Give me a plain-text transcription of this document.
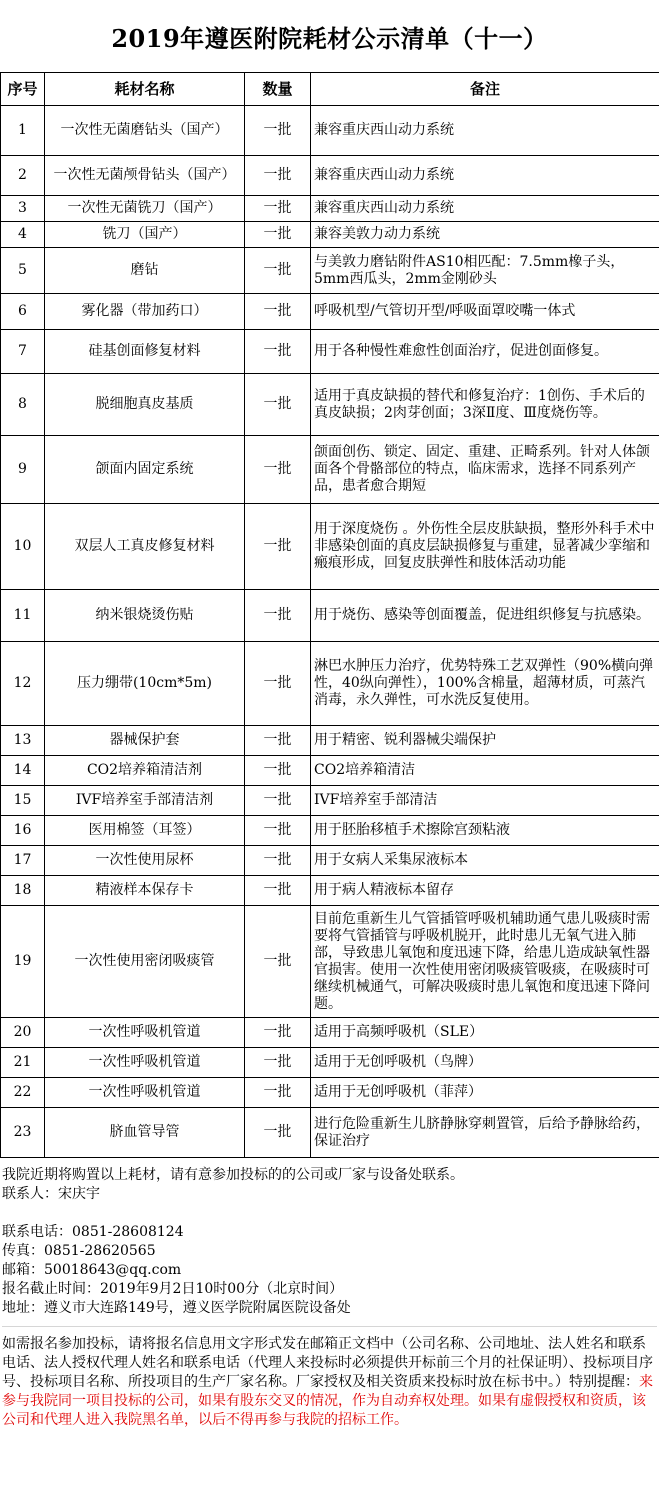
2019年遵医附院耗材公示清单（十一）
序号	耗材名称	数量	备注
1	一次性无菌磨钻头（国产）	一批	兼容重庆西山动力系统
2	一次性无菌颅骨钻头（国产）	一批	兼容重庆西山动力系统
3	一次性无菌铣刀（国产）	一批	兼容重庆西山动力系统
4	铣刀（国产）	一批	兼容美敦力动力系统
5	磨钻	一批	与美敦力磨钻附件AS10相匹配：7.5mm橡子头，5mm西瓜头，2mm金刚砂头
6	雾化器（带加药口）	一批	呼吸机型/气管切开型/呼吸面罩咬嘴一体式
7	硅基创面修复材料	一批	用于各种慢性难愈性创面治疗，促进创面修复。
8	脱细胞真皮基质	一批	适用于真皮缺损的替代和修复治疗：1创伤、手术后的真皮缺损；2肉芽创面；3深Ⅱ度、Ⅲ度烧伤等。
9	颌面内固定系统	一批	颌面创伤、锁定、固定、重建、正畸系列。针对人体颌面各个骨骼部位的特点，临床需求，选择不同系列产品，患者愈合期短
10	双层人工真皮修复材料	一批	用于深度烧伤 。外伤性全层皮肤缺损，整形外科手术中非感染创面的真皮层缺损修复与重建，显著减少挛缩和瘢痕形成，回复皮肤弹性和肢体活动功能
11	纳米银烧烫伤贴	一批	用于烧伤、感染等创面覆盖，促进组织修复与抗感染。
12	压力绷带(10cm*5m)	一批	淋巴水肿压力治疗，优势特殊工艺双弹性（90%横向弹性，40纵向弹性），100%含棉量，超薄材质，可蒸汽消毒，永久弹性，可水洗反复使用。
13	器械保护套	一批	用于精密、锐利器械尖端保护
14	CO2培养箱清洁剂	一批	CO2培养箱清洁
15	IVF培养室手部清洁剂	一批	IVF培养室手部清洁
16	医用棉签（耳签）	一批	用于胚胎移植手术擦除宫颈粘液
17	一次性使用尿杯	一批	用于女病人采集尿液标本
18	精液样本保存卡	一批	用于病人精液标本留存
19	一次性使用密闭吸痰管	一批	目前危重新生儿气管插管呼吸机辅助通气患儿吸痰时需要将气管插管与呼吸机脱开，此时患儿无氧气进入肺部，导致患儿氧饱和度迅速下降，给患儿造成缺氧性器官损害。使用一次性使用密闭吸痰管吸痰，在吸痰时可继续机械通气，可解决吸痰时患儿氧饱和度迅速下降问题。
20	一次性呼吸机管道	一批	适用于高频呼吸机（SLE）
21	一次性呼吸机管道	一批	适用于无创呼吸机（鸟牌）
22	一次性呼吸机管道	一批	适用于无创呼吸机（菲萍）
23	脐血管导管	一批	进行危险重新生儿脐静脉穿刺置管，后给予静脉给药，保证治疗

我院近期将购置以上耗材，请有意参加投标的的公司或厂家与设备处联系。

联系人：宋庆宇

联系电话：0851-28608124

传真：0851-28620565

邮箱：50018643@qq.com

报名截止时间：2019年9月2日10时00分（北京时间）

地址：遵义市大连路149号，遵义医学院附属医院设备处

如需报名参加投标，请将报名信息用文字形式发在邮箱正文档中（公司名称、公司地址、法人姓名和联系电话、法人授权代理人姓名和联系电话（代理人来投标时必须提供开标前三个月的社保证明）、投标项目序号、投标项目名称、所投项目的生产厂家名称。厂家授权及相关资质来投标时放在标书中。）特别提醒：来参与我院同一项目投标的公司，如果有股东交叉的情况，作为自动弃权处理。如果有虚假授权和资质，该公司和代理人进入我院黑名单，以后不得再参与我院的招标工作。
